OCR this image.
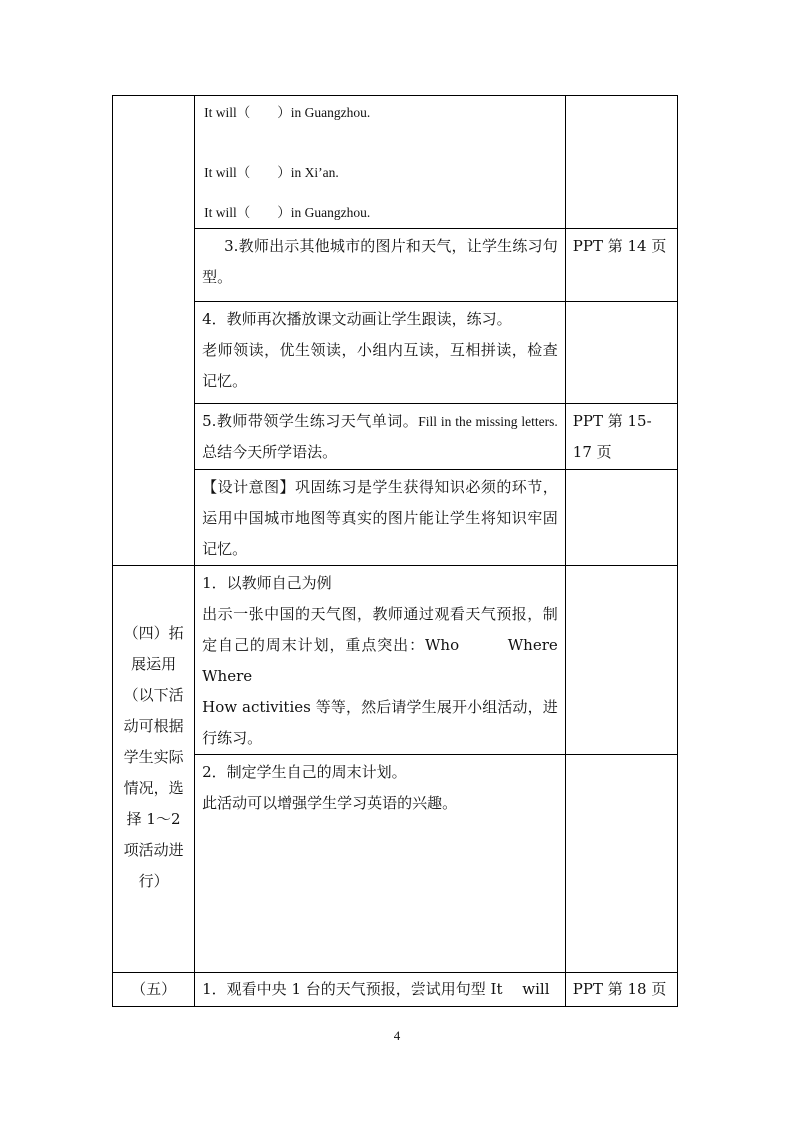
	It will（　　）in Guangzhou.
It will（　　）in Xi’an.
It will（　　）in Guangzhou.	

	3.教师出示其他城市的图片和天气，让学生练习句型。	PPT 第 14 页

	4．教师再次播放课文动画让学生跟读，练习。
老师领读，优生领读，小组内互读，互相拼读，检查记忆。	

	5.教师带领学生练习天气单词。Fill in the missing letters.总结今天所学语法。	PPT 第 15-17 页

	【设计意图】巩固练习是学生获得知识必须的环节，运用中国城市地图等真实的图片能让学生将知识牢固记忆。	

（四）拓展运用（以下活动可根据学生实际情况，选择 1～2 项活动进行）	1．以教师自己为例
出示一张中国的天气图，教师通过观看天气预报，制定自己的周末计划，重点突出：Who　　　Where　　Where
How activities 等等，然后请学生展开小组活动，进行练习。	

	2．制定学生自己的周末计划。
此活动可以增强学生学习英语的兴趣。	

（五）	1．观看中央 1 台的天气预报，尝试用句型 It　 will	PPT 第 18 页
4
